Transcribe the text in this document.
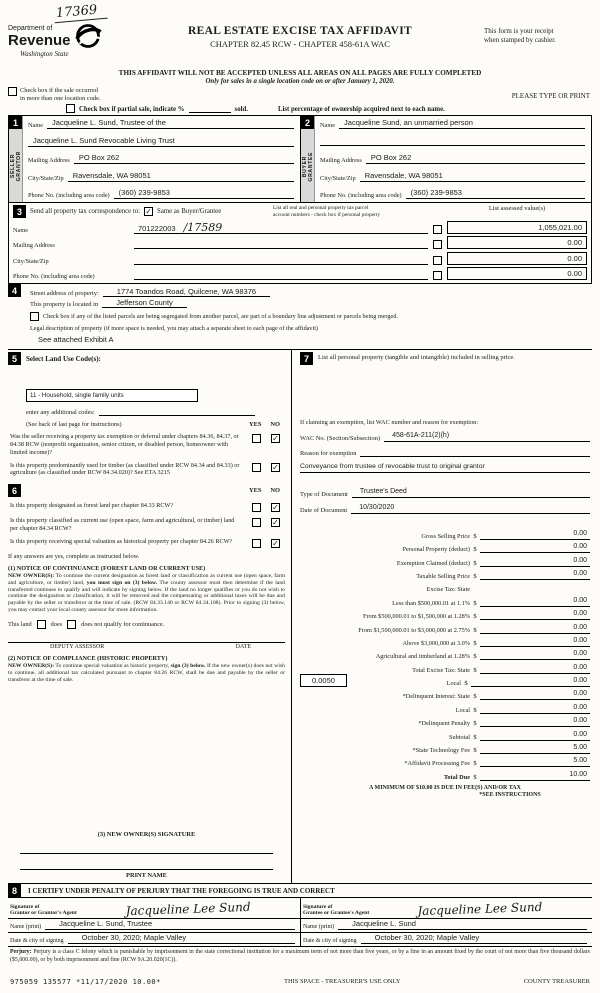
17369
Department of
Revenue
Washington State
REAL ESTATE EXCISE TAX AFFIDAVIT
CHAPTER 82.45 RCW - CHAPTER 458-61A WAC
This form is your receipt
when stamped by cashier.
THIS AFFIDAVIT WILL NOT BE ACCEPTED UNLESS ALL AREAS ON ALL PAGES ARE FULLY COMPLETED
Only for sales in a single location code on or after January 1, 2020.
Check box if the sale occurred
in more than one location code.	PLEASE TYPE OR PRINT
Check box if partial sale, indicate %	sold.	List percentage of ownership acquired next to each name.
1
SELLER GRANTOR
Name	Jacqueline L. Sund, Trustee of the
Jacqueline L. Sund Revocable Living Trust
Mailing Address	PO Box 262
City/State/Zip	Ravensdale, WA 98051
Phone No. (including area code)	(360) 239-9853
2
BUYER GRANTEE
Name	Jacqueline Sund, an unmarried person
Mailing Address	PO Box 262
City/State/Zip	Ravensdale, WA 98051
Phone No. (including area code)	(360) 239-9853
3	Send all property tax correspondence to: ✓ Same as Buyer/Grantee	List all real and personal property tax parcel
account numbers - check box if personal property
List assessed value(s)
Name	701222003 /17589	1,055,021.00
Mailing Address	0.00
City/State/Zip	0.00
Phone No. (including area code)	0.00
4	Street address of property:	1774 Toandos Road, Quilcene, WA 98376
This property is located in	Jefferson County
Check box if any of the listed parcels are being segregated from another parcel, are part of a boundary line adjustment or parcels being merged.
Legal description of property (if more space is needed, you may attach a separate sheet to each page of the affidavit)
See attached Exhibit A
5	Select Land Use Code(s):
11 - Household, single family units
enter any additional codes:
(See back of last page for instructions)	YES NO
Was the seller receiving a property tax exemption or deferral under chapters 84.36, 84.37, or 84.38 RCW (nonprofit organization, senior citizen, or disabled person, homeowner with limited income)?
✓
Is this property predominantly used for timber (as classified under RCW 84.34 and 84.33) or agriculture (as classified under RCW 84.34.020)? See ETA 3215
✓
6	YES NO
Is this property designated as forest land per chapter 84.33 RCW?	✓
Is this property classified as current use (open space, farm and agricultural, or timber) land per chapter 84.34 RCW?
✓
Is this property receiving special valuation as historical property per chapter 84.26 RCW?	✓
If any answers are yes, complete as instructed below.
(1) NOTICE OF CONTINUANCE (FOREST LAND OR CURRENT USE)
NEW OWNER(S): To continue the current designation as forest land or classification as current use (open space, farm and agriculture, or timber) land, you must sign on (3) below. The county assessor must then determine if the land transferred continues to qualify and will indicate by signing below. If the land no longer qualifies or you do not wish to continue the designation or classification, it will be removed and the compensating or additional taxes will be due and payable by the seller or transferor at the time of sale. (RCW 84.33.140 or RCW 84.34.108). Prior to signing (3) below, you may contact your local county assessor for more information.
This land	does	does not qualify for continuance.
DEPUTY ASSESSOR	DATE
(2) NOTICE OF COMPLIANCE (HISTORIC PROPERTY)
NEW OWNER(S): To continue special valuation as historic property, sign (3) below. If the new owner(s) does not wish to continue, all additional tax calculated pursuant to chapter 84.26 RCW, shall be due and payable by the seller or transferor at the time of sale.
(3) NEW OWNER(S) SIGNATURE
PRINT NAME
7	List all personal property (tangible and intangible) included in selling price.
If claiming an exemption, list WAC number and reason for exemption:
WAC No. (Section/Subsection)	458-61A-211(2)(h)
Reason for exemption
Conveyance from trustee of revocable trust to original grantor
Type of Document	Trustee's Deed
Date of Document	10/30/2020
Gross Selling Price $	0.00
Personal Property (deduct) $	0.00
Exemption Claimed (deduct) $	0.00
Taxable Selling Price $	0.00
Excise Tax: State
Less than $500,000.01 at 1.1% $	0.00
From $500,000.01 to $1,500,000 at 1.28% $	0.00
From $1,500,000.01 to $3,000,000 at 2.75% $	0.00
Above $3,000,000 at 3.0% $	0.00
Agricultural and timberland at 1.28% $	0.00
Total Excise Tax: State $	0.00
0.0050	Local $	0.00
*Delinquent Interest: State $	0.00
Local $	0.00
*Delinquent Penalty $	0.00
Subtotal $	0.00
*State Technology Fee $	5.00
*Affidavit Processing Fee $	5.00
Total Due $	10.00
A MINIMUM OF $10.00 IS DUE IN FEE(S) AND/OR TAX
*SEE INSTRUCTIONS
8	I CERTIFY UNDER PENALTY OF PERJURY THAT THE FOREGOING IS TRUE AND CORRECT
Signature of
Grantor or Grantor's Agent	Jacqueline Lee Sund	Signature of
Grantee or Grantee's Agent	Jacqueline Lee Sund
Name (print)	Jacqueline L. Sund, Trustee	Name (print)	Jacqueline L. Sund
Date & city of signing	October 30, 2020; Maple Valley	Date & city of signing	October 30, 2020; Maple Valley
Perjury: Perjury is a class C felony which is punishable by imprisonment in the state correctional institution for a maximum term of not more than five years, or by a fine in an amount fixed by the court of not more than five thousand dollars ($5,000.00), or by both imprisonment and fine (RCW 9A.20.020(1C)).
975059 135577 *11/17/2020 10.00*	THIS SPACE - TREASURER'S USE ONLY	COUNTY TREASURER
